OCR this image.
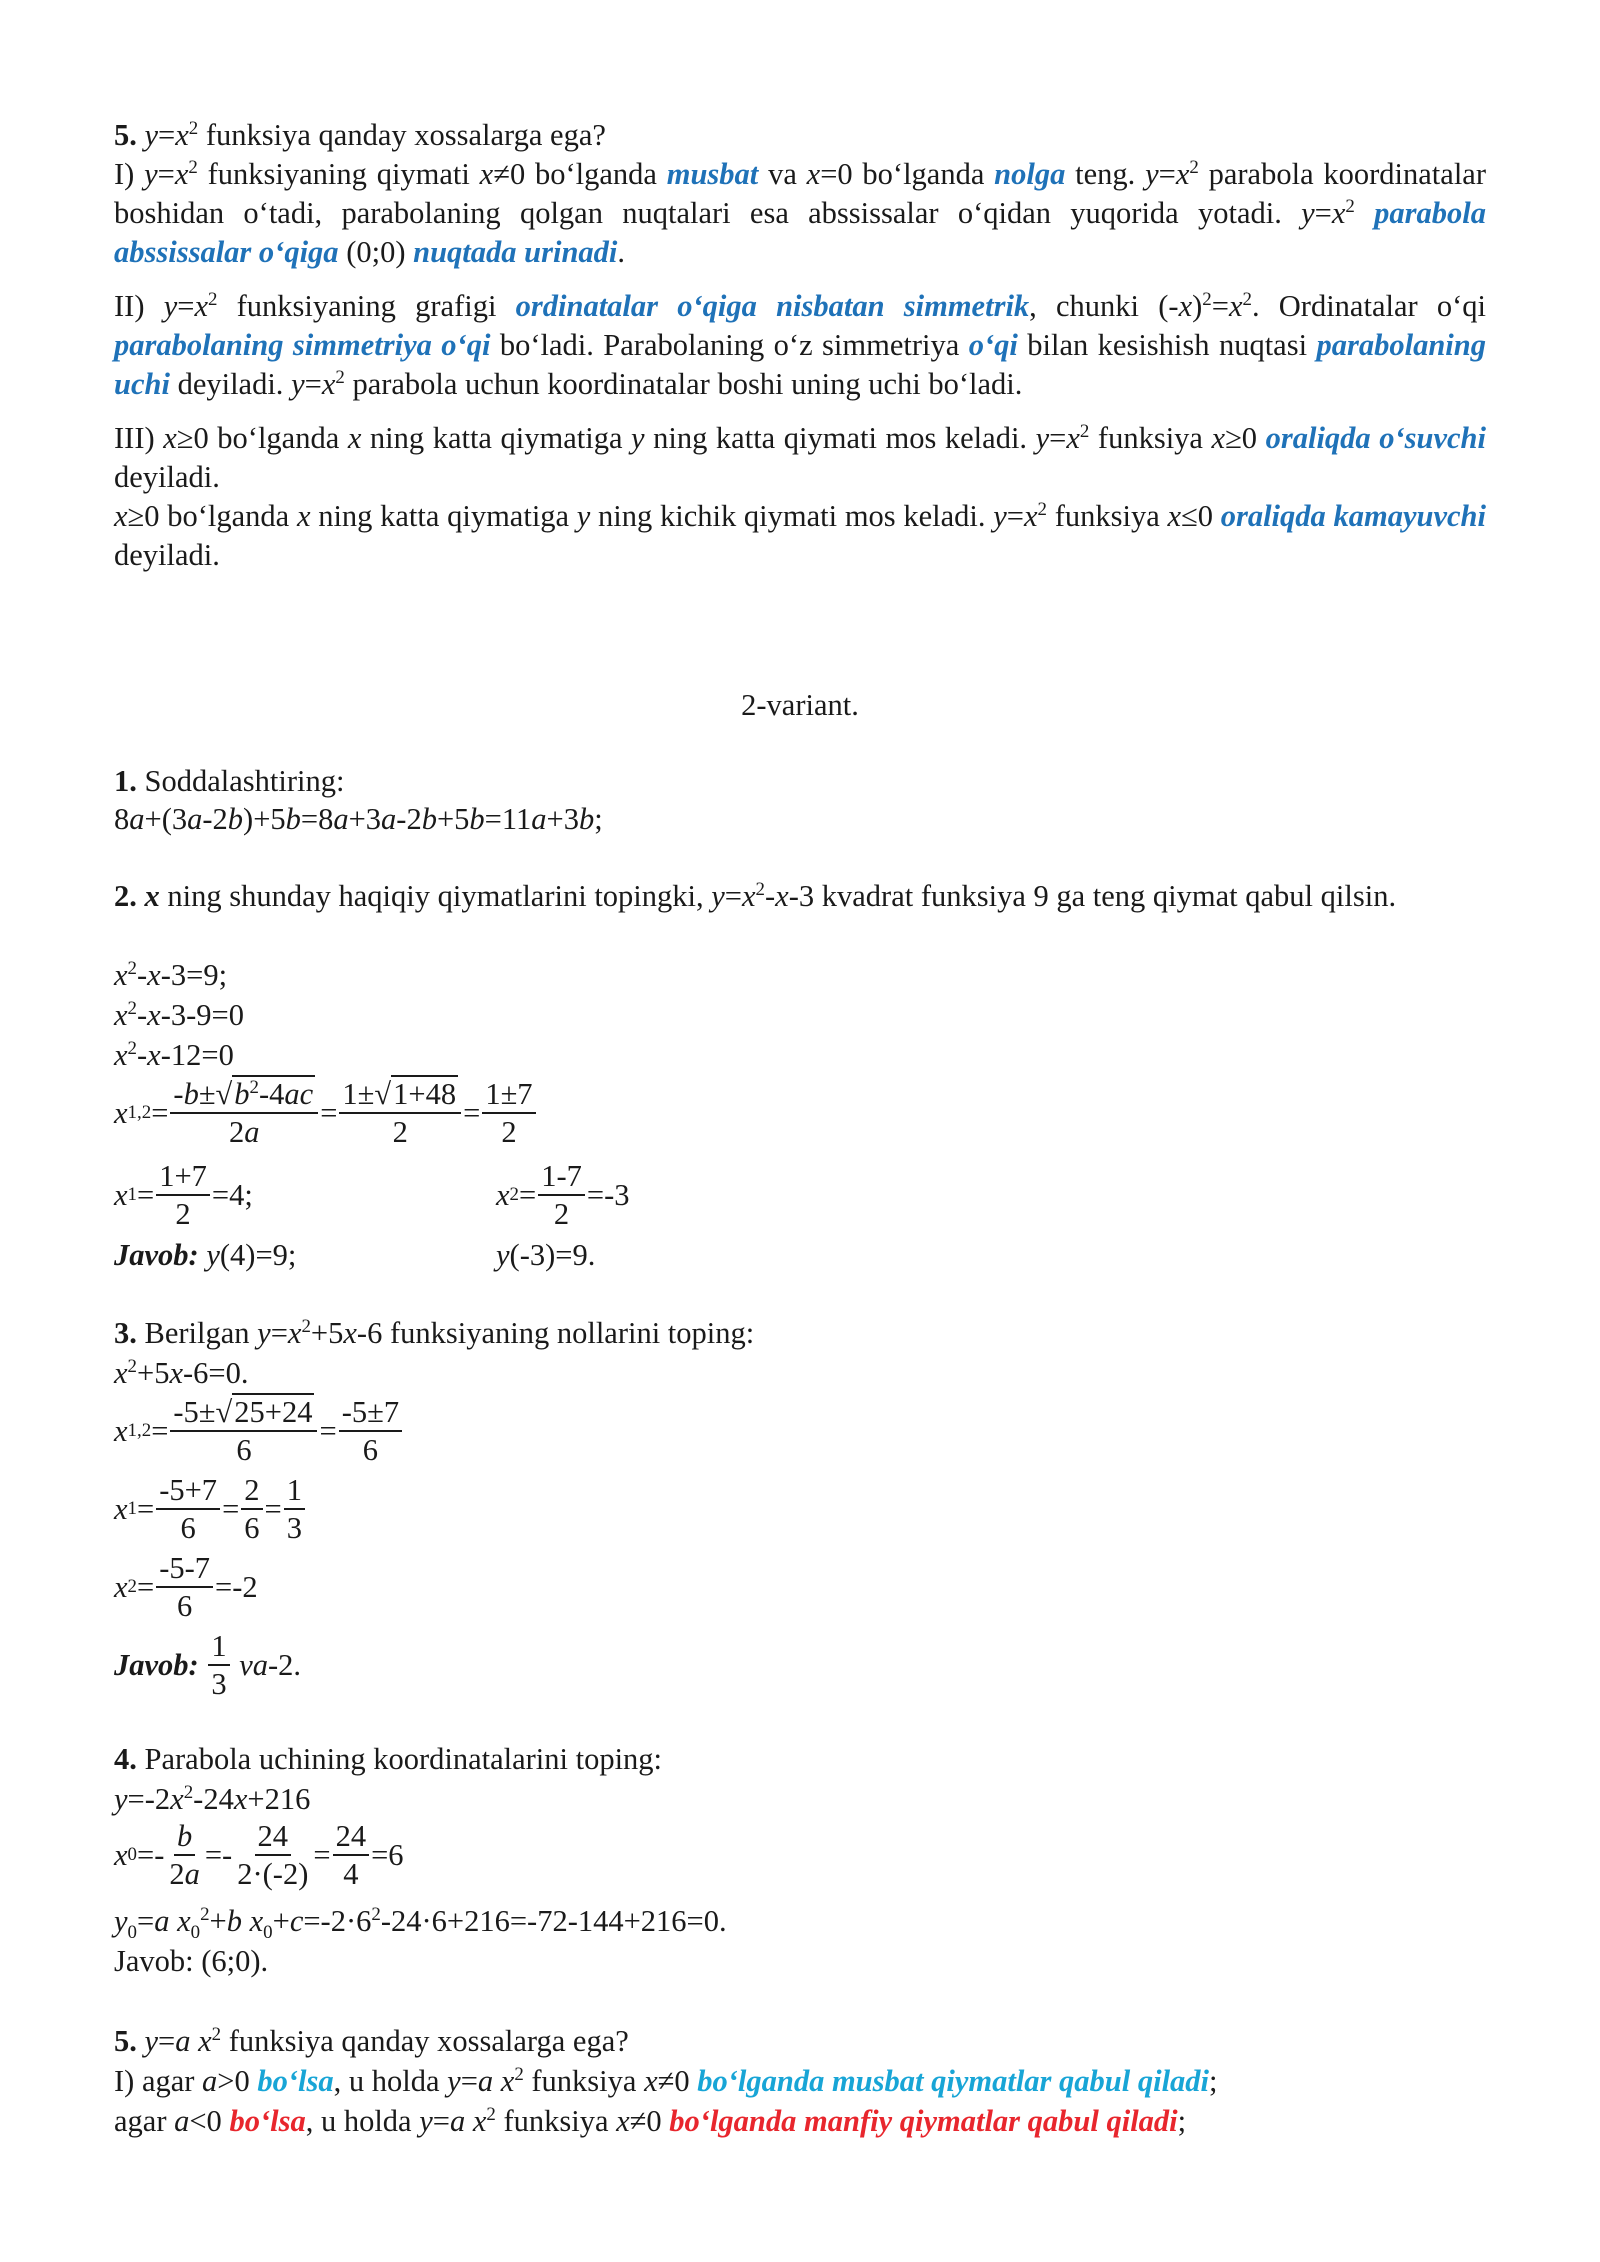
5. $y=x^2$ funksiya qanday xossalarga ega?
I) $y=x^2$ funksiyaning qiymati x≠0 bo‘lganda musbat va x=0 bo‘lganda nolga teng. $y=x^2$ parabola koordinatalar boshidan o‘tadi, parabolaning qolgan nuqtalari esa abssissalar o‘qidan yuqorida yotadi. $y=x^2$ parabola abssissalar o‘qiga (0;0) nuqtada urinadi.
II) $y=x^2$ funksiyaning grafigi ordinatalar o‘qiga nisbatan simmetrik, chunki $(-x)^2=x^2$. Ordinatalar o‘qi parabolaning simmetriya o‘qi bo‘ladi. Parabolaning o‘z simmetriya o‘qi bilan kesishish nuqtasi parabolaning uchi deyiladi. $y=x^2$ parabola uchun koordinatalar boshi uning uchi bo‘ladi.
III) x≥0 bo‘lganda x ning katta qiymatiga y ning katta qiymati mos keladi. $y=x^2$ funksiya x≥0 oraliqda o‘suvchi deyiladi.
x≥0 bo‘lganda x ning katta qiymatiga y ning kichik qiymati mos keladi. $y=x^2$ funksiya x≤0 oraliqda kamayuvchi deyiladi.
2-variant.
1. Soddalashtiring:
8a+(3a-2b)+5b=8a+3a-2b+5b=11a+3b;
2. x ning shunday haqiqiy qiymatlarini topingki, $y=x^2-x-3$ kvadrat funksiya 9 ga teng qiymat qabul qilsin.
$x^2-x-3=9$;
$x^2-x-3-9=0$
$x^2-x-12=0$
x $1,2 = \frac{-b\pm√b^2-4ac}{2a} = \frac{1\pm√1+48}{2} = \frac{1\pm 7}{2}$
x $1 = \frac{1+7}{2} =4$;	x $2 = \frac{1-7}{2} =-3$
Javob: y(4)=9;	y(-3)=9.
3. Berilgan $y=x^2+5x-6$ funksiyaning nollarini toping:
$x^2+5x-6=0$.
x $1,2 = \frac{-5\pm√25+24}{6} = \frac{-5\pm 7}{6}$
x $1 = \frac{-5+7}{6} = \frac{2}{6} = \frac{1}{3}$
x $2 = \frac{-5-7}{6} =-2$
Javob:
$\frac{1}{3}$
va -2.
4. Parabola uchining koordinatalarini toping:
$y=-2x^2-24x+216$
x $0 =- \frac{b}{2a} =- \frac{24}{2\cdot(-2)} = \frac{24}{4} =6$
$y_0=a$ $x_0^2+b$ $x_0+c=-2\cdot 6^2-24\cdot 6+216=-72-144+216=0$.
Javob: (6;0).
5. y=a $x^2$ funksiya qanday xossalarga ega?
I) agar a>0 bo‘lsa, u holda y=a $x^2$ funksiya x≠0 bo‘lganda musbat qiymatlar qabul qiladi;
agar a<0 bo‘lsa, u holda y=a $x^2$ funksiya x≠0 bo‘lganda manfiy qiymatlar qabul qiladi;
